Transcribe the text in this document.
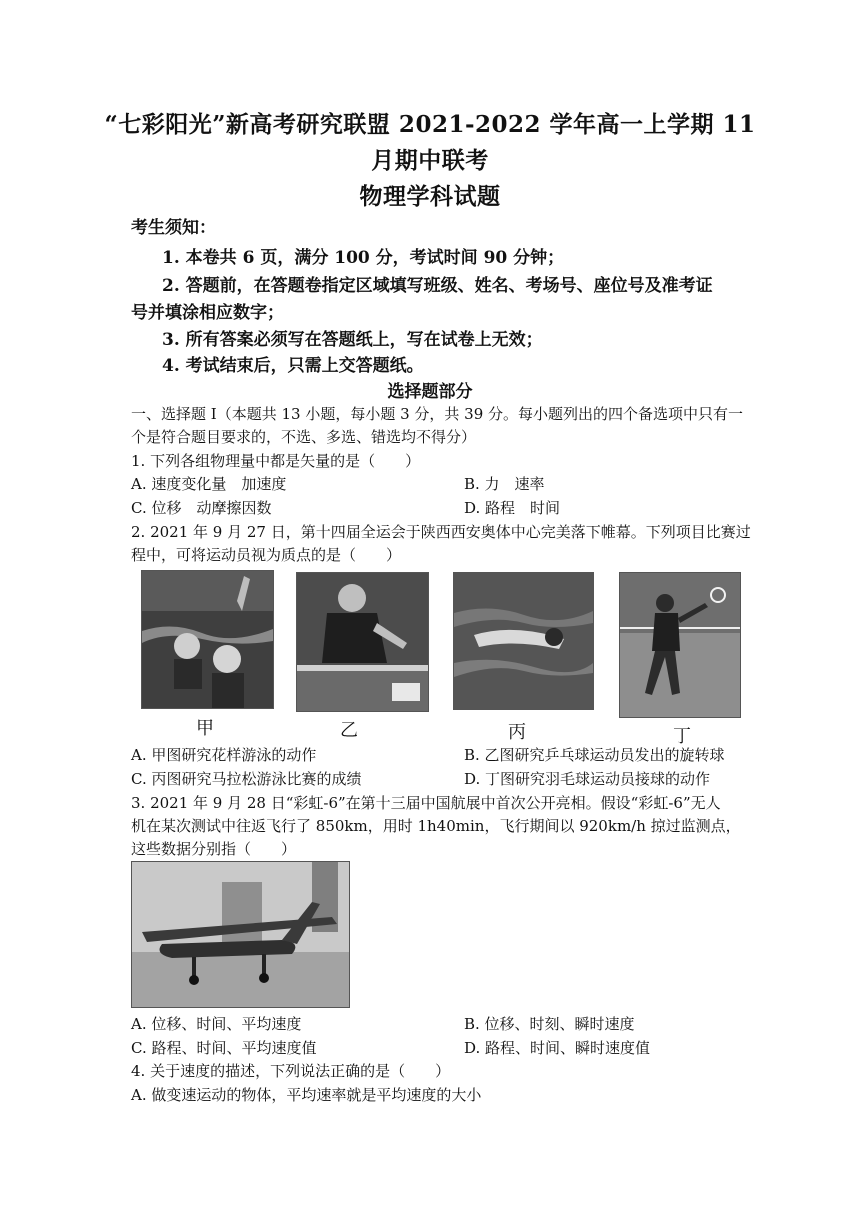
“七彩阳光”新高考研究联盟 2021-2022 学年高一上学期 11
月期中联考
物理学科试题
考生须知：
1. 本卷共 6 页，满分 100 分，考试时间 90 分钟；
2. 答题前，在答题卷指定区域填写班级、姓名、考场号、座位号及准考证
号并填涂相应数字；
3. 所有答案必须写在答题纸上，写在试卷上无效；
4. 考试结束后，只需上交答题纸。
选择题部分
一、选择题 I（本题共 13 小题，每小题 3 分，共 39 分。每小题列出的四个备选项中只有一
个是符合题目要求的，不选、多选、错选均不得分）
1. 下列各组物理量中都是矢量的是（　　）
A. 速度变化量　加速度	B. 力　速率
C. 位移　动摩擦因数	D. 路程　时间
2. 2021 年 9 月 27 日，第十四届全运会于陕西西安奥体中心完美落下帷幕。下列项目比赛过
程中，可将运动员视为质点的是（　　）
甲	乙	丙	丁
A. 甲图研究花样游泳的动作	B. 乙图研究乒乓球运动员发出的旋转球
C. 丙图研究马拉松游泳比赛的成绩	D. 丁图研究羽毛球运动员接球的动作
3. 2021 年 9 月 28 日“彩虹-6”在第十三届中国航展中首次公开亮相。假设“彩虹-6”无人
机在某次测试中往返飞行了 850km，用时 1h40min，飞行期间以 920km/h 掠过监测点，
这些数据分别指（　　）
A. 位移、时间、平均速度	B. 位移、时刻、瞬时速度
C. 路程、时间、平均速度值	D. 路程、时间、瞬时速度值
4. 关于速度的描述，下列说法正确的是（　　）
A. 做变速运动的物体，平均速率就是平均速度的大小
